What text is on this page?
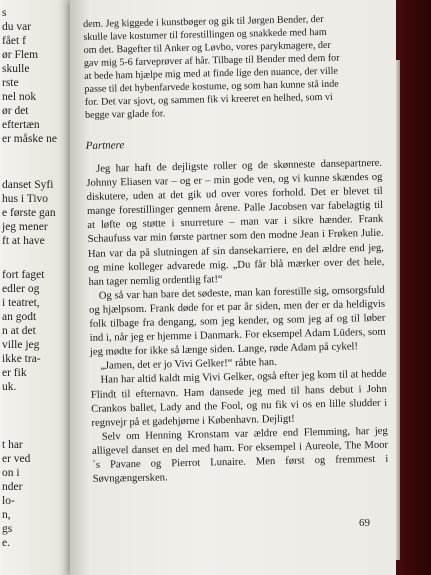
s
du var
fået f
ør Flem
skulle
rste
nel nok
ør det
eftertæn
er måske ne
danset Syfi
hus i Tivo
e første gan
jeg mener
ft at have
fort faget
edler og
i teatret,
an godt
n at det
ville jeg
ikke tra-
er fik
uk.
t har
er ved
on i
nder
lo-
n,
gs
e.

dem. Jeg kiggede i kunstbøger og gik til Jørgen Bender, der

skulle lave kostumer til forestillingen og snakkede med ham

om det. Bagefter til Anker og Løvbo, vores parykmagere, der

gav mig 5-6 farveprøver af hår. Tilbage til Bender med dem for

at bede ham hjælpe mig med at finde lige den nuance, der ville

passe til det hybenfarvede kostume, og som han kunne stå inde

for. Det var sjovt, og sammen fik vi kreeret en helhed, som vi

begge var glade for.

Partnere

Jeg har haft de dejligste roller og de skønneste dansepartnere. Johnny Eliasen var – og er – min gode ven, og vi kunne skændes og diskutere, uden at det gik ud over vores forhold. Det er blevet til mange forestillinger gennem årene. Palle Jacobsen var fabelagtig til at løfte og støtte i snurreture – man var i sikre hænder. Frank Schaufuss var min første partner som den modne Jean i Frøken Julie. Han var da på slutningen af sin dansekarriere, en del ældre end jeg, og mine kolleger advarede mig. „Du får blå mærker over det hele, han tager nemlig ordentlig fat!“

Og så var han bare det sødeste, man kan forestille sig, omsorgsfuld og hjælpsom. Frank døde for et par år siden, men der er da heldigvis folk tilbage fra dengang, som jeg kender, og som jeg af og til løber ind i, når jeg er hjemme i Danmark. For eksempel Adam Lüders, som jeg mødte for ikke så længe siden. Lange, røde Adam på cykel!

„Jamen, det er jo Vivi Gelker!“ råbte han.

Han har altid kaldt mig Vivi Gelker, også efter jeg kom til at hedde Flindt til efternavn. Ham dansede jeg med til hans debut i John Crankos ballet, Lady and the Fool, og nu fik vi os en lille sludder i regnvejr på et gadehjørne i København. Dejligt!

Selv om Henning Kronstam var ældre end Flemming, har jeg alligevel danset en del med ham. For eksempel i Aureole, The Moor´s Pavane og Pierrot Lunaire. Men først og fremmest i Søvngængersken.

69
